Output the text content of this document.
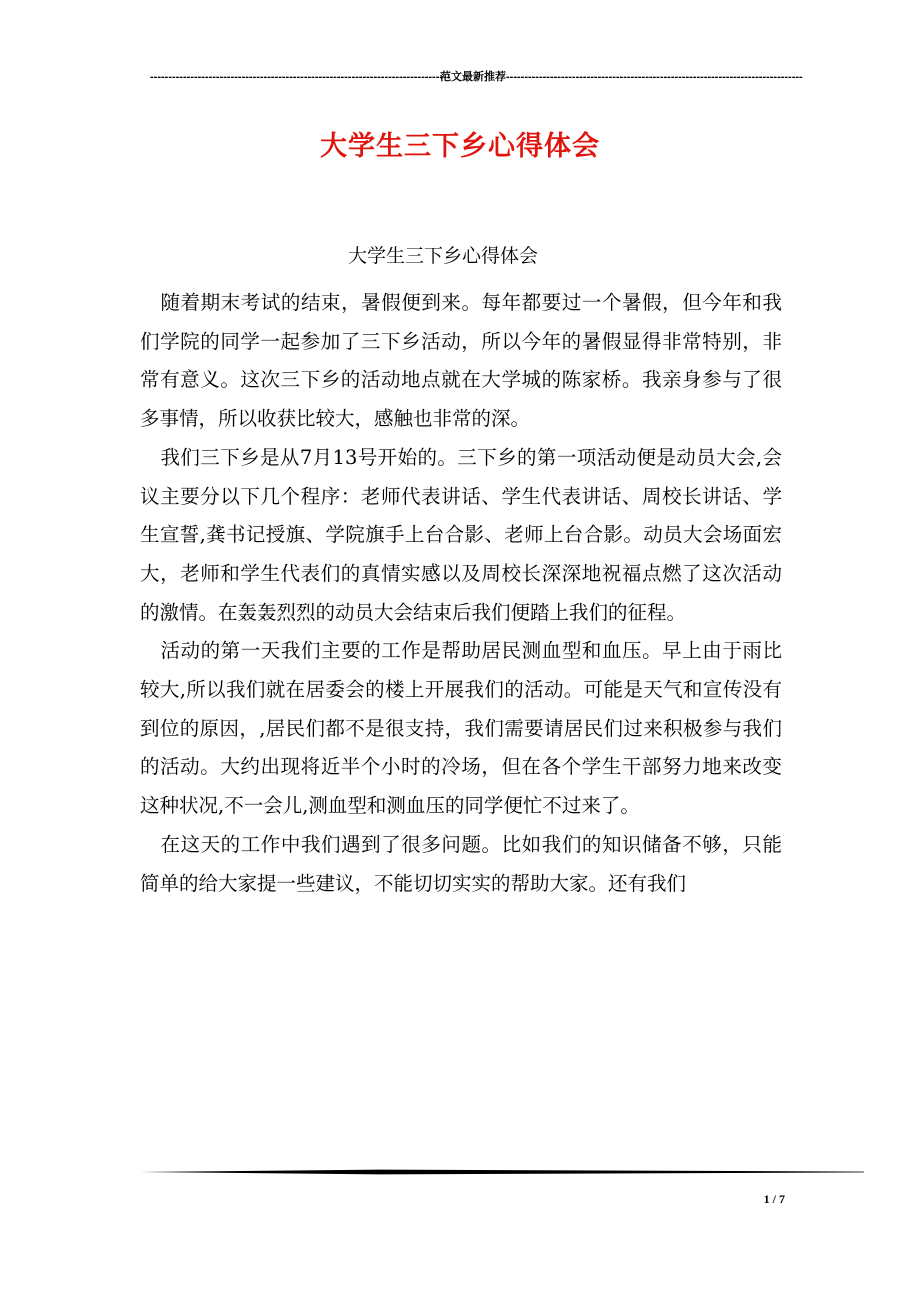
----------------------------------------------------------------------------------范文最新推荐---------------------------------------------------------------------------------
大学生三下乡心得体会
大学生三下乡心得体会

随着期末考试的结束，暑假便到来。每年都要过一个暑假，但今年和我们学院的同学一起参加了三下乡活动，所以今年的暑假显得非常特别，非常有意义。这次三下乡的活动地点就在大学城的陈家桥。我亲身参与了很多事情，所以收获比较大，感触也非常的深。

我们三下乡是从7月13号开始的。三下乡的第一项活动便是动员大会,会议主要分以下几个程序：老师代表讲话、学生代表讲话、周校长讲话、学生宣誓,龚书记授旗、学院旗手上台合影、老师上台合影。动员大会场面宏大，老师和学生代表们的真情实感以及周校长深深地祝福点燃了这次活动的激情。在轰轰烈烈的动员大会结束后我们便踏上我们的征程。

活动的第一天我们主要的工作是帮助居民测血型和血压。早上由于雨比较大,所以我们就在居委会的楼上开展我们的活动。可能是天气和宣传没有到位的原因，,居民们都不是很支持，我们需要请居民们过来积极参与我们的活动。大约出现将近半个小时的冷场，但在各个学生干部努力地来改变这种状况,不一会儿,测血型和测血压的同学便忙不过来了。

在这天的工作中我们遇到了很多问题。比如我们的知识储备不够，只能简单的给大家提一些建议，不能切切实实的帮助大家。还有我们

1 / 7
